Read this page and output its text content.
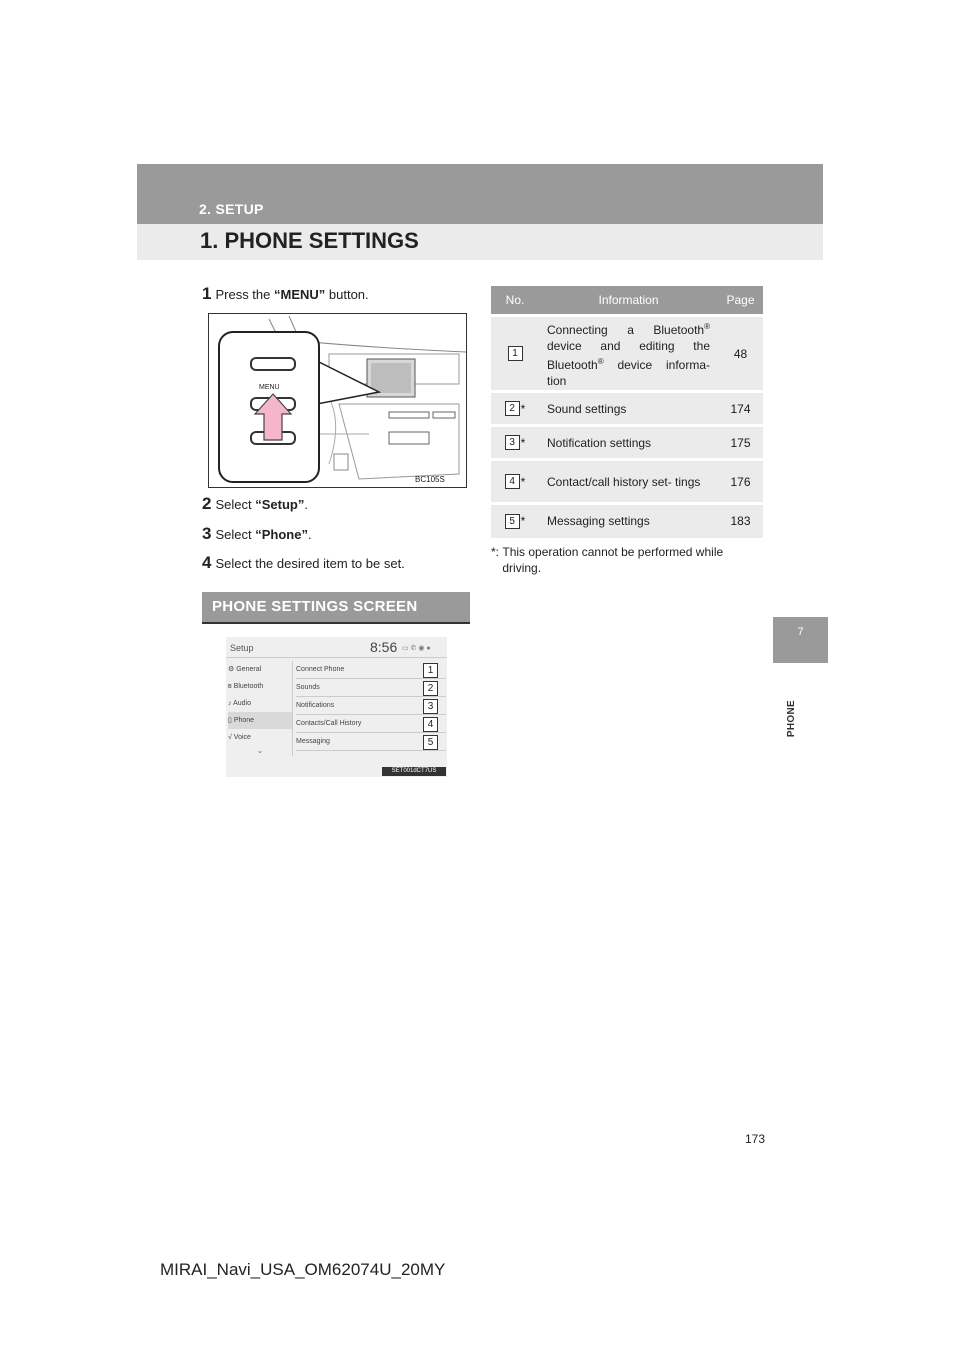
2. SETUP
1. PHONE SETTINGS
7
PHONE
1 Press the “MENU” button.
MENU
BC105S
2 Select “Setup”.
3 Select “Phone”.
4 Select the desired item to be set.
PHONE SETTINGS SCREEN
Setup	8:56 ▭ ✆ ◉ ●
⚙ General
ʙ Bluetooth
♪ Audio
▯ Phone
√ Voice
⌄
Connect Phone	1
Sounds	2
Notifications	3
Contacts/Call History	4
Messaging	5
SET001dCT7US
No.	Information	Page
1	Connecting a Bluetooth® device and editing the Bluetooth® device informa- tion	48
2 *	Sound settings	174
3 *	Notification settings	175
4 *	Contact/call history set- tings	176
5 *	Messaging settings	183
*: This operation cannot be performed while driving.
173
MIRAI_Navi_USA_OM62074U_20MY
